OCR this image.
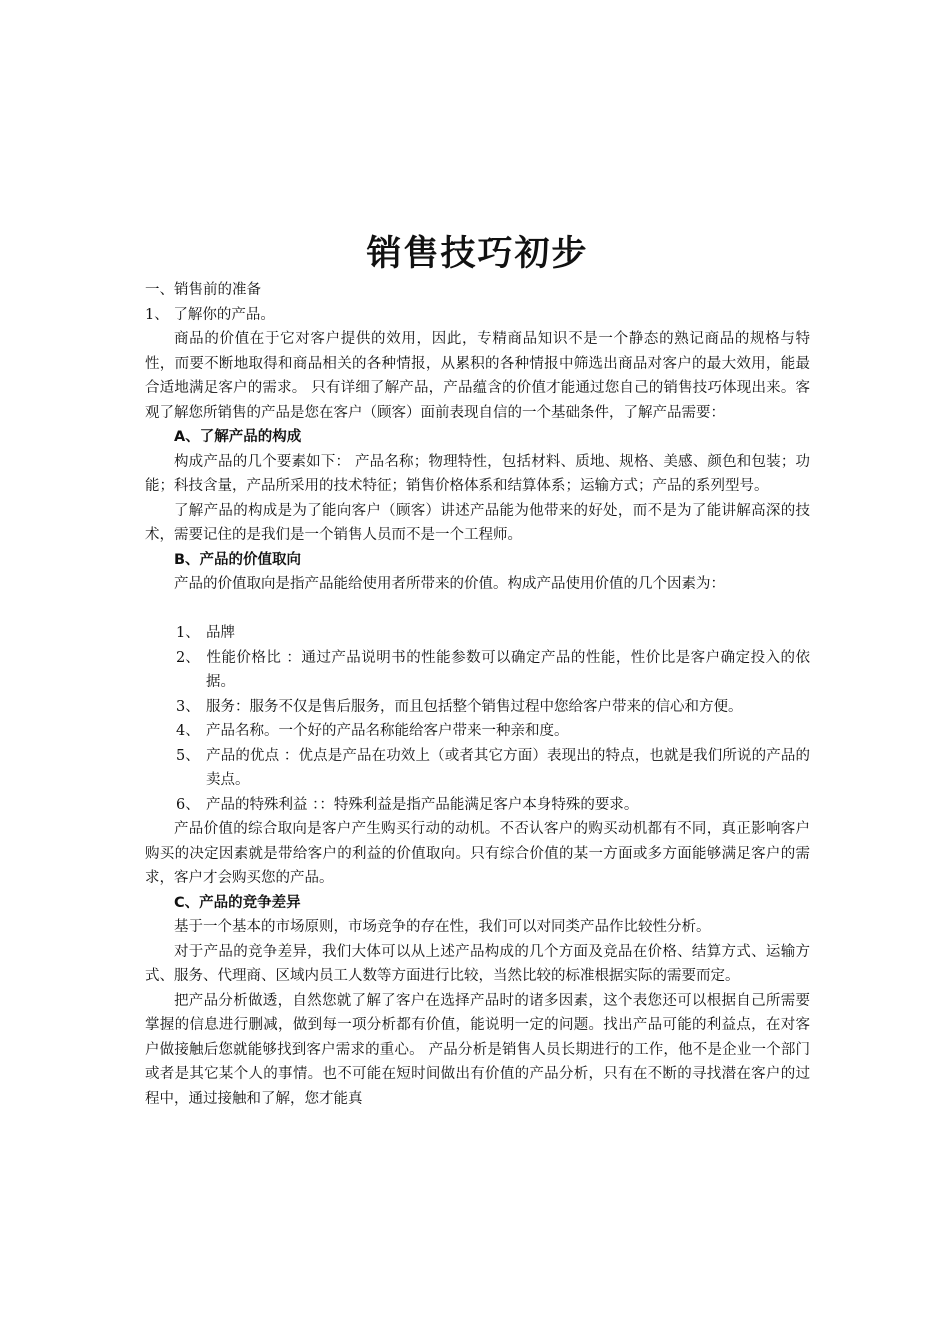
销售技巧初步

一、销售前的准备

1、 了解你的产品。

商品的价值在于它对客户提供的效用，因此，专精商品知识不是一个静态的熟记商品的规格与特性，而要不断地取得和商品相关的各种情报，从累积的各种情报中筛选出商品对客户的最大效用，能最合适地满足客户的需求。 只有详细了解产品，产品蕴含的价值才能通过您自己的销售技巧体现出来。客观了解您所销售的产品是您在客户（顾客）面前表现自信的一个基础条件，了解产品需要：

A、了解产品的构成

构成产品的几个要素如下： 产品名称；物理特性，包括材料、质地、规格、美感、颜色和包装；功能；科技含量，产品所采用的技术特征；销售价格体系和结算体系；运输方式；产品的系列型号。

了解产品的构成是为了能向客户（顾客）讲述产品能为他带来的好处，而不是为了能讲解高深的技术，需要记住的是我们是一个销售人员而不是一个工程师。

B、产品的价值取向

产品的价值取向是指产品能给使用者所带来的价值。构成产品使用价值的几个因素为：

1、 品牌
2、 性能价格比 ：通过产品说明书的性能参数可以确定产品的性能，性价比是客户确定投入的依据。
3、 服务：服务不仅是售后服务，而且包括整个销售过程中您给客户带来的信心和方便。
4、 产品名称。一个好的产品名称能给客户带来一种亲和度。
5、 产品的优点 ：优点是产品在功效上（或者其它方面）表现出的特点，也就是我们所说的产品的卖点。
6、 产品的特殊利益 ：：特殊利益是指产品能满足客户本身特殊的要求。

产品价值的综合取向是客户产生购买行动的动机。不否认客户的购买动机都有不同，真正影响客户购买的决定因素就是带给客户的利益的价值取向。只有综合价值的某一方面或多方面能够满足客户的需求，客户才会购买您的产品。

C、产品的竞争差异

基于一个基本的市场原则，市场竞争的存在性，我们可以对同类产品作比较性分析。

对于产品的竞争差异，我们大体可以从上述产品构成的几个方面及竞品在价格、结算方式、运输方式、服务、代理商、区域内员工人数等方面进行比较，当然比较的标准根据实际的需要而定。

把产品分析做透，自然您就了解了客户在选择产品时的诸多因素，这个表您还可以根据自己所需要掌握的信息进行删减，做到每一项分析都有价值，能说明一定的问题。找出产品可能的利益点，在对客户做接触后您就能够找到客户需求的重心。 产品分析是销售人员长期进行的工作，他不是企业一个部门或者是其它某个人的事情。也不可能在短时间做出有价值的产品分析，只有在不断的寻找潜在客户的过程中，通过接触和了解，您才能真
